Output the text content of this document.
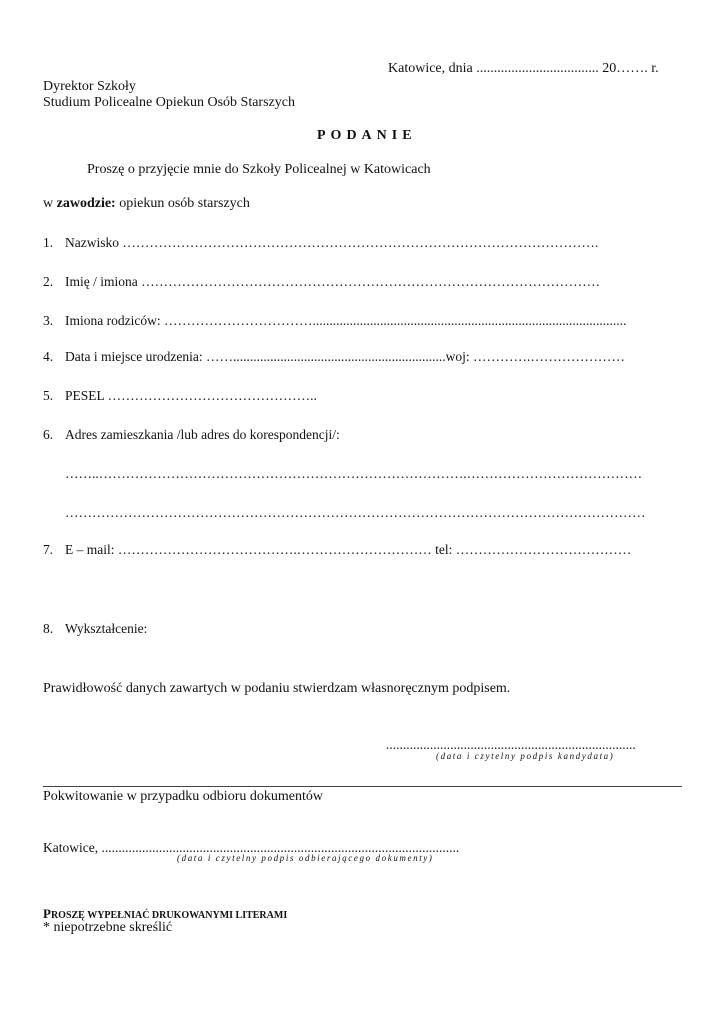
Katowice, dnia ................................... 20……. r.
Dyrektor Szkoły
Studium Policealne Opiekun Osób Starszych
PODANIE
Proszę o przyjęcie mnie do Szkoły Policealnej w Katowicach
w zawodzie: opiekun osób starszych
1. Nazwisko …………………………………………………………………………………………….
2. Imię / imiona …………………………………………………………………………………………
3. Imiona rodziców: …………………………….............................................................................................
4. Data i miejsce urodzenia: ……...............................................................woj: ………….…………………
5. PESEL ………………………………………..
6. Adres zamieszkania /lub adres do korespondencji/:
……..……………………………………………………………………….…………………………………
…………………………………………………………………………………………………………………
7. E – mail: ………………………………….………………………… tel: …………………………………
8. Wykształcenie:
Prawidłowość danych zawartych w podaniu stwierdzam własnoręcznym podpisem.
..........................................................................
(data i czytelny podpis kandydata)
Pokwitowanie w przypadku odbioru dokumentów
Katowice, ..........................................................................................................
(data i czytelny podpis odbierającego dokumenty)
PROSZĘ WYPEŁNIAĆ DRUKOWANYMI LITERAMI
* niepotrzebne skreślić
